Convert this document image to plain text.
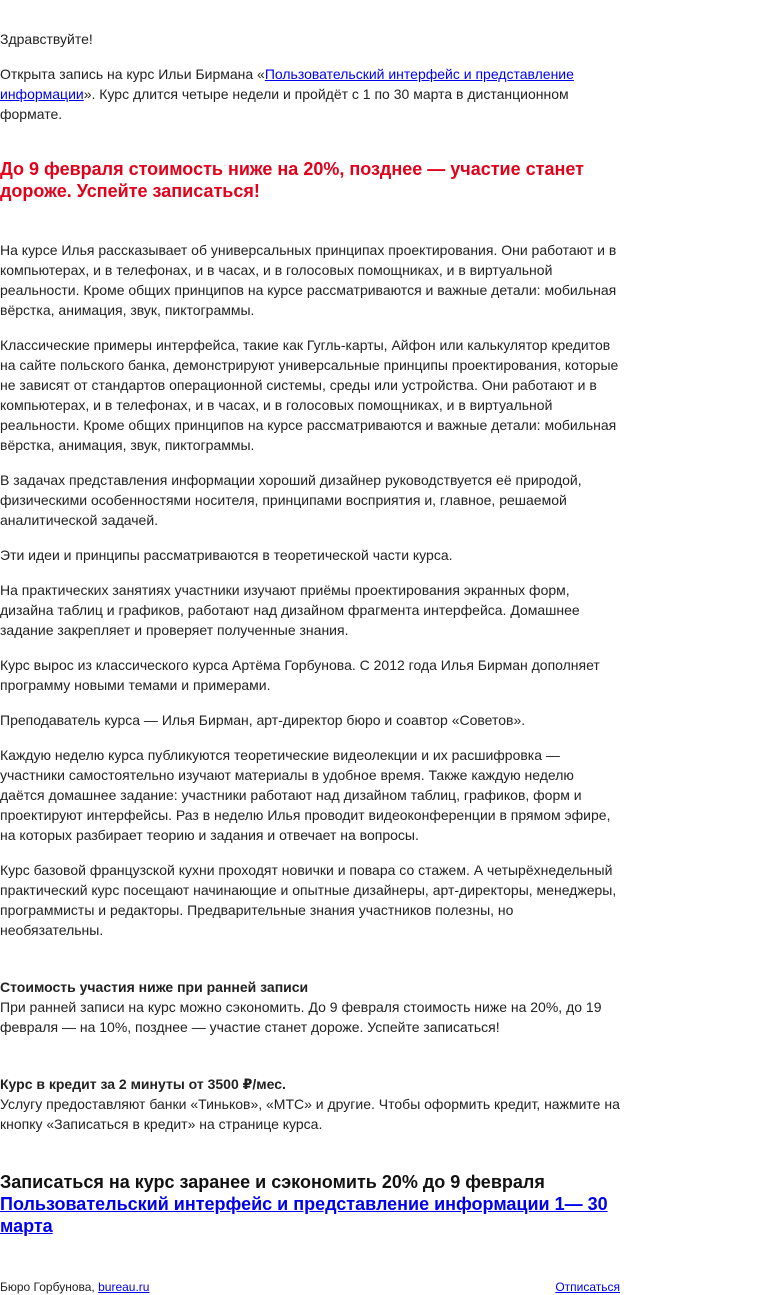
Здравствуйте!

Открыта запись на курс Ильи Бирмана «Пользовательский интерфейс и представление информации». Курс длится четыре недели и пройдёт с 1 по 30 марта в дистанционном формате.

До 9 февраля стоимость ниже на 20%, позднее — участие станет дороже. Успейте записаться!

На курсе Илья рассказывает об универсальных принципах проектирования. Они работают и в компьютерах, и в телефонах, и в часах, и в голосовых помощниках, и в виртуальной реальности. Кроме общих принципов на курсе рассматриваются и важные детали: мобильная вёрстка, анимация, звук, пиктограммы.

Классические примеры интерфейса, такие как Гугль-карты, Айфон или калькулятор кредитов на сайте польского банка, демонстрируют универсальные принципы проектирования, которые не зависят от стандартов операционной системы, среды или устройства. Они работают и в компьютерах, и в телефонах, и в часах, и в голосовых помощниках, и в виртуальной реальности. Кроме общих принципов на курсе рассматриваются и важные детали: мобильная вёрстка, анимация, звук, пиктограммы.

В задачах представления информации хороший дизайнер руководствуется её природой, физическими особенностями носителя, принципами восприятия и, главное, решаемой аналитической задачей.

Эти идеи и принципы рассматриваются в теоретической части курса.

На практических занятиях участники изучают приёмы проектирования экранных форм, дизайна таблиц и графиков, работают над дизайном фрагмента интерфейса. Домашнее задание закрепляет и проверяет полученные знания.

Курс вырос из классического курса Артёма Горбунова. С 2012 года Илья Бирман дополняет программу новыми темами и примерами.

Преподаватель курса — Илья Бирман, арт-директор бюро и соавтор «Советов».

Каждую неделю курса публикуются теоретические видеолекции и их расшифровка — участники самостоятельно изучают материалы в удобное время. Также каждую неделю даётся домашнее задание: участники работают над дизайном таблиц, графиков, форм и проектируют интерфейсы. Раз в неделю Илья проводит видеоконференции в прямом эфире, на которых разбирает теорию и задания и отвечает на вопросы.

Курс базовой французской кухни проходят новички и повара со стажем. А четырёхнедельный практический курс посещают начинающие и опытные дизайнеры, арт-директоры, менеджеры, программисты и редакторы. Предварительные знания участников полезны, но необязательны.

Стоимость участия ниже при ранней записи
При ранней записи на курс можно сэкономить. До 9 февраля стоимость ниже на 20%, до 19 февраля — на 10%, позднее — участие станет дороже. Успейте записаться!
Курс в кредит за 2 минуты от 3500 ₽/мес.
Услугу предоставляют банки «Тиньков», «МТС» и другие. Чтобы оформить кредит, нажмите на кнопку «Записаться в кредит» на странице курса.
Записаться на курс заранее и сэкономить 20% до 9 февраля
Пользовательский интерфейс и представление информации 1— 30 марта
Бюро Горбунова, bureau.ru	Отписаться
